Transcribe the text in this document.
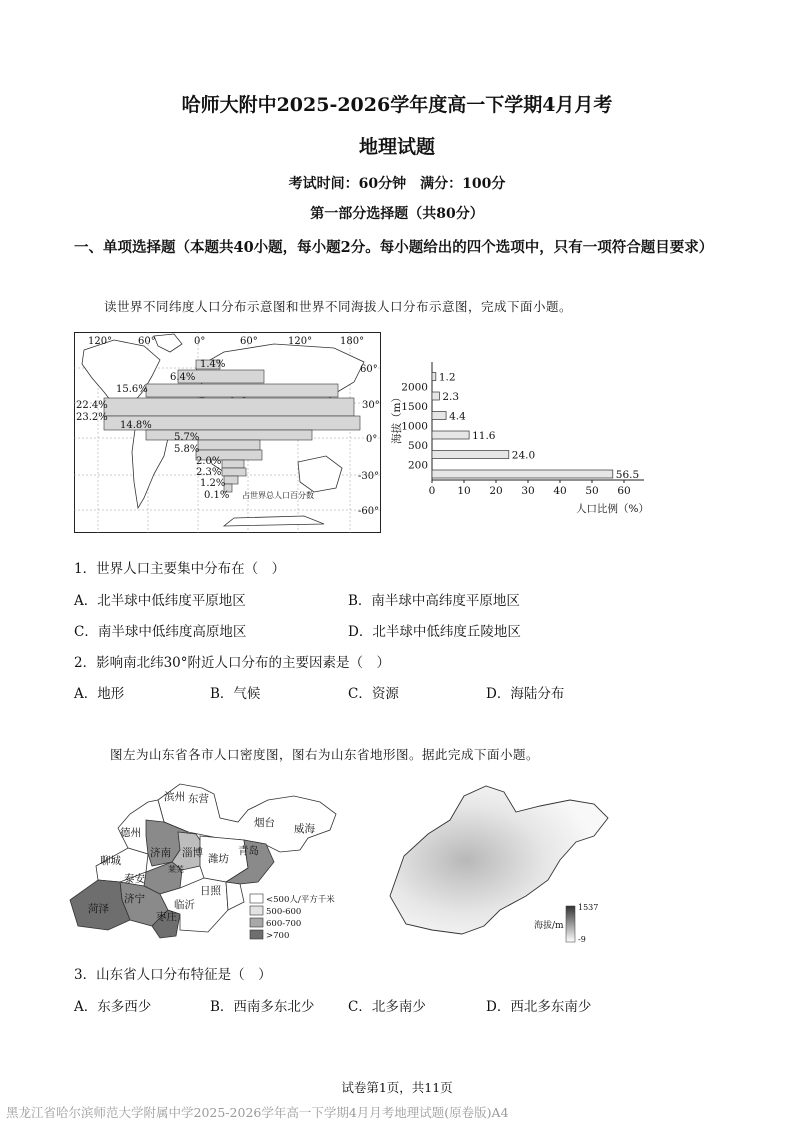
哈师大附中2025-2026学年度高一下学期4月月考
地理试题
考试时间：60分钟　满分：100分
第一部分选择题（共80分）
一、单项选择题（本题共40小题，每小题2分。每小题给出的四个选项中，只有一项符合题目要求）
读世界不同纬度人口分布示意图和世界不同海拔人口分布示意图，完成下面小题。
120°	60°	0°	60°	120°	180°
60°
30°
0°
-30°
-60°
1.4%
6.4%
15.6%
22.4%
23.2%
14.8%
5.7%
5.8%
2.0%
2.3%
1.2%
0.1% 占世界总人口百分数
56.5
24.0
11.6
4.4
2.3
1.2
200
500
1000
1500
2000
0 10 20 30 40 50 60
海拔（m）
人口比例（%）
1．世界人口主要集中分布在（　）
A．北半球中低纬度平原地区	B．南半球中高纬度平原地区
C．南半球中低纬度高原地区	D．北半球中低纬度丘陵地区
2．影响南北纬30°附近人口分布的主要因素是（　）
A．地形	B．气候	C．资源	D．海陆分布
图左为山东省各市人口密度图，图右为山东省地形图。据此完成下面小题。
滨州 东营
德州
烟台 威海
聊城
济南 淄博
莱芜
潍坊
青岛
泰安
济宁
菏泽
枣庄
临沂
日照
<500人/平方千米
500-600
600-700
>700
1537
-9
海拔/m
3．山东省人口分布特征是（　）
A．东多西少	B．西南多东北少 C．北多南少	D．西北多东南少
试卷第1页，共11页
黑龙江省哈尔滨师范大学附属中学2025-2026学年高一下学期4月月考地理试题(原卷版)A4
